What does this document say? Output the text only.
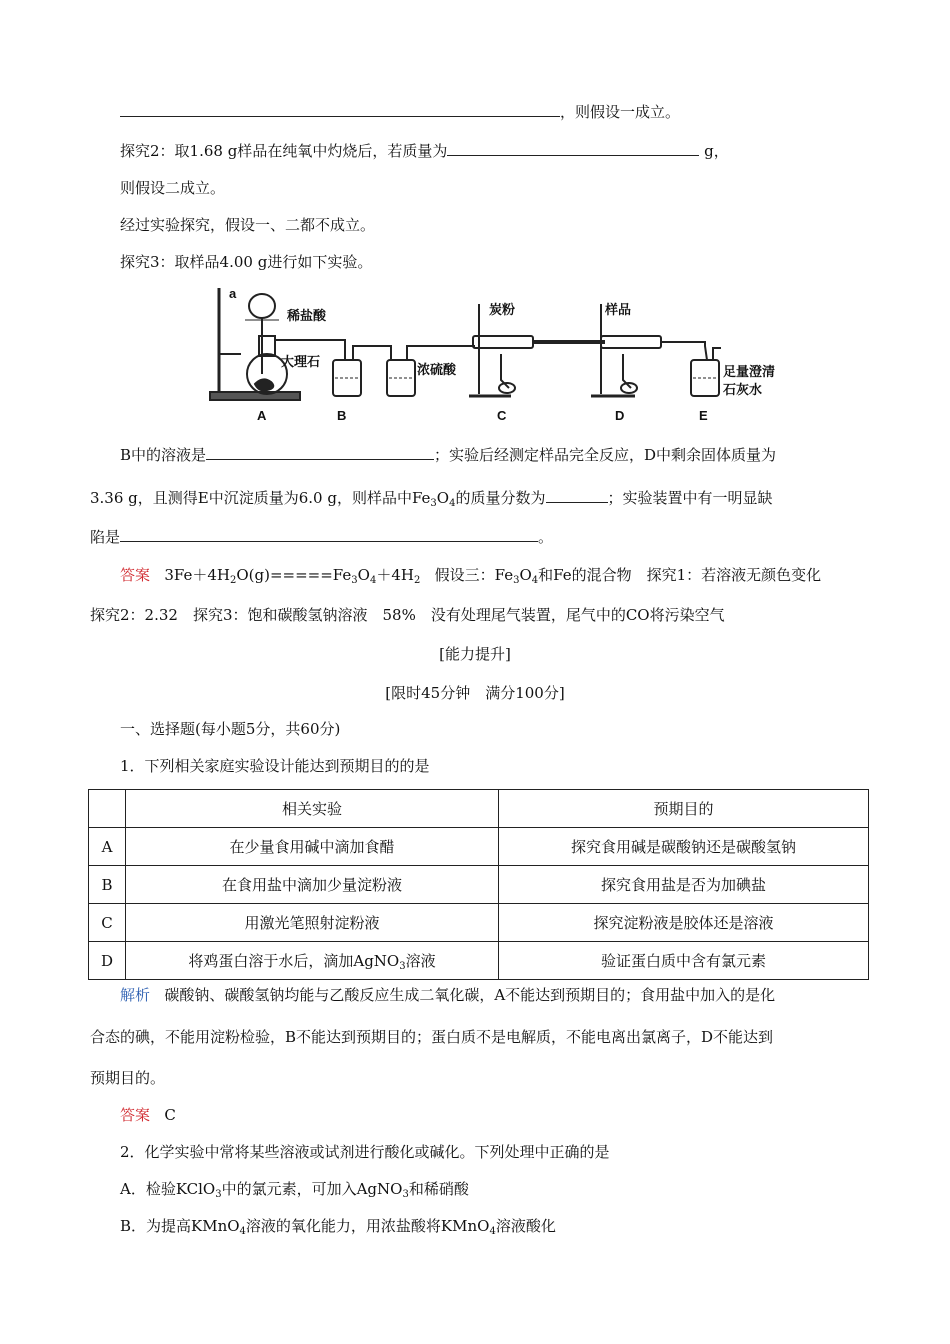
，则假设一成立。
探究2：取1.68 g样品在纯氧中灼烧后，若质量为	g，
则假设二成立。
经过实验探究，假设一、二都不成立。
探究3：取样品4.00 g进行如下实验。
a
稀盐酸
大理石
浓硫酸
炭粉	样品
足量澄清
石灰水
A	B	C	D	E
B中的溶液是	；实验后经测定样品完全反应，D中剩余固体质量为
3.36 g，且测得E中沉淀质量为6.0 g，则样品中$Fe_3O_4$的质量分数为	；实验装置中有一明显缺
陷是	。
答案 $3Fe+4H_2O(g)=====Fe_3O_4+4H_2$ 假设三：$Fe_3O_4$和Fe的混合物　探究1：若溶液无颜色变化
探究2：2.32　探究3：饱和碳酸氢钠溶液　58%　没有处理尾气装置，尾气中的CO将污染空气
[能力提升]
[限时45分钟　满分100分]
一、选择题(每小题5分，共60分)
1．下列相关家庭实验设计能达到预期目的的是
	相关实验	预期目的
A	在少量食用碱中滴加食醋	探究食用碱是碳酸钠还是碳酸氢钠
B	在食用盐中滴加少量淀粉液	探究食用盐是否为加碘盐
C	用激光笔照射淀粉液	探究淀粉液是胶体还是溶液
D	将鸡蛋白溶于水后，滴加AgNO$_3$溶液	验证蛋白质中含有氯元素
解析 碳酸钠、碳酸氢钠均能与乙酸反应生成二氧化碳，A不能达到预期目的；食用盐中加入的是化
合态的碘，不能用淀粉检验，B不能达到预期目的；蛋白质不是电解质，不能电离出氯离子，D不能达到
预期目的。
答案 C
2．化学实验中常将某些溶液或试剂进行酸化或碱化。下列处理中正确的是
A．检验KClO$_3$中的氯元素，可加入AgNO$_3$和稀硝酸
B．为提高KMnO$_4$溶液的氧化能力，用浓盐酸将KMnO$_4$溶液酸化
